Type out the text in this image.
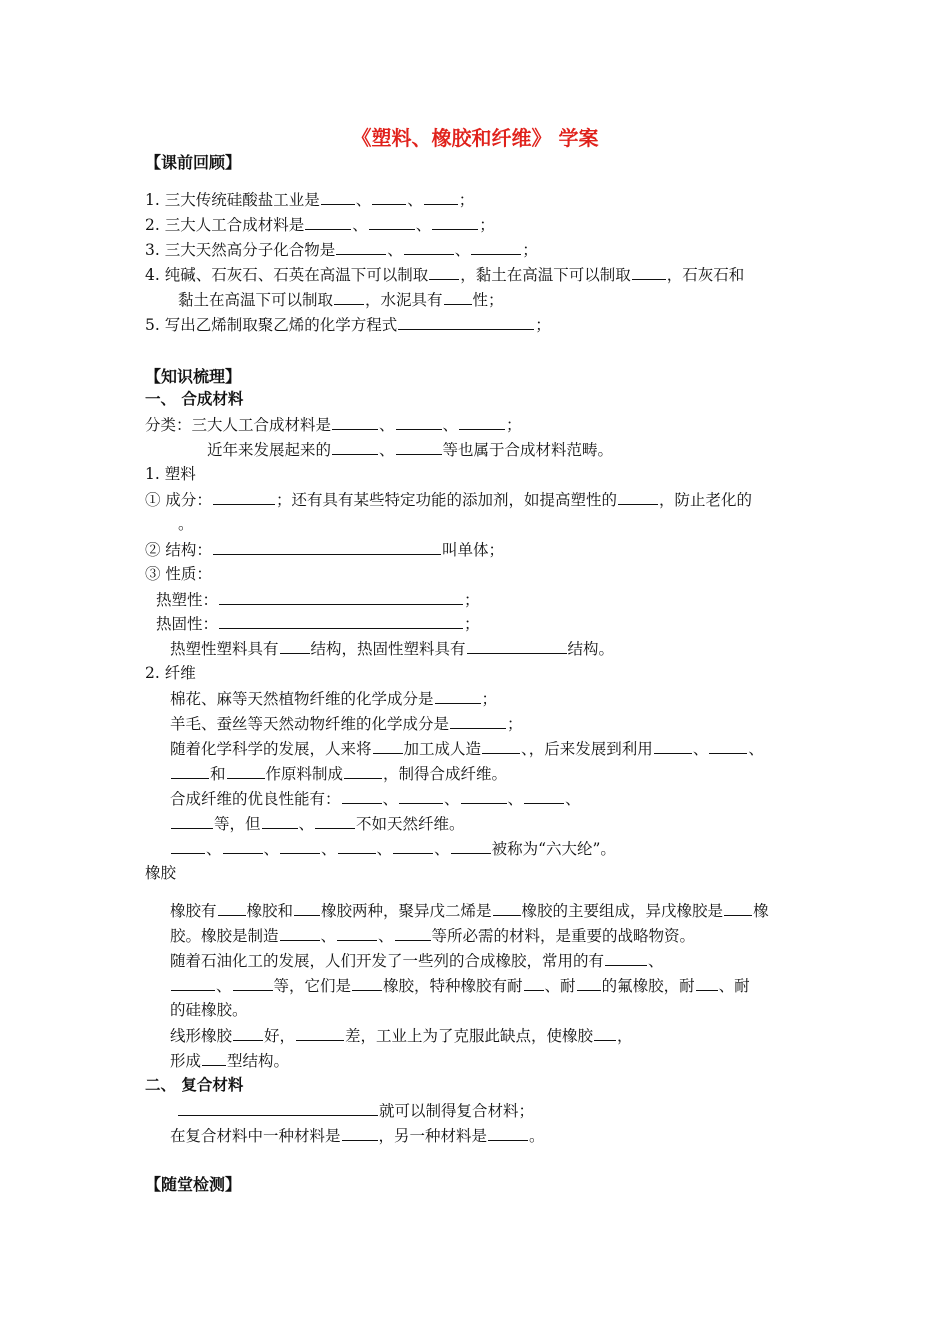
《塑料、橡胶和纤维》 学案
【课前回顾】
1. 三大传统硅酸盐工业是 、 、 ；
2. 三大人工合成材料是	、	、	；
3. 三大天然高分子化合物是	、	、	；
4. 纯碱、石灰石、石英在高温下可以制取 ，黏土在高温下可以制取 ，石灰石和
黏土在高温下可以制取 ，水泥具有 性；
5. 写出乙烯制取聚乙烯的化学方程式	；
【知识梳理】
一、 合成材料
分类：三大人工合成材料是	、	、	；
近年来发展起来的	、	等也属于合成材料范畴。
1. 塑料
① 成分：	；还有具有某些特定功能的添加剂，如提高塑性的	，防止老化的
。
② 结构：	叫单体；
③ 性质：
热塑性：	；
热固性：	；
热塑性塑料具有 结构，热固性塑料具有	结构。
2. 纤维
棉花、麻等天然植物纤维的化学成分是	；
羊毛、蚕丝等天然动物纤维的化学成分是	；
随着化学科学的发展，人来将 加工成人造	、，后来发展到利用	、	、
和	作原料制成	，制得合成纤维。
合成纤维的优良性能有：	、	、	、	、
等，但 、	不如天然纤维。
、	、	、	、	、	被称为“六大纶”。
橡胶
橡胶有 橡胶和 橡胶两种，聚异戊二烯是 橡胶的主要组成，异戊橡胶是 橡
胶。橡胶是制造	、	、 等所必需的材料，是重要的战略物资。
随着石油化工的发展，人们开发了一些列的合成橡胶，常用的有	、
、	等，它们是 橡胶，特种橡胶有耐 、耐 的氟橡胶，耐 、耐
的硅橡胶。
线形橡胶 好，	差，工业上为了克服此缺点，使橡胶 ，
形成 型结构。
二、 复合材料
就可以制得复合材料；
在复合材料中一种材料是 ，另一种材料是	。
【随堂检测】
